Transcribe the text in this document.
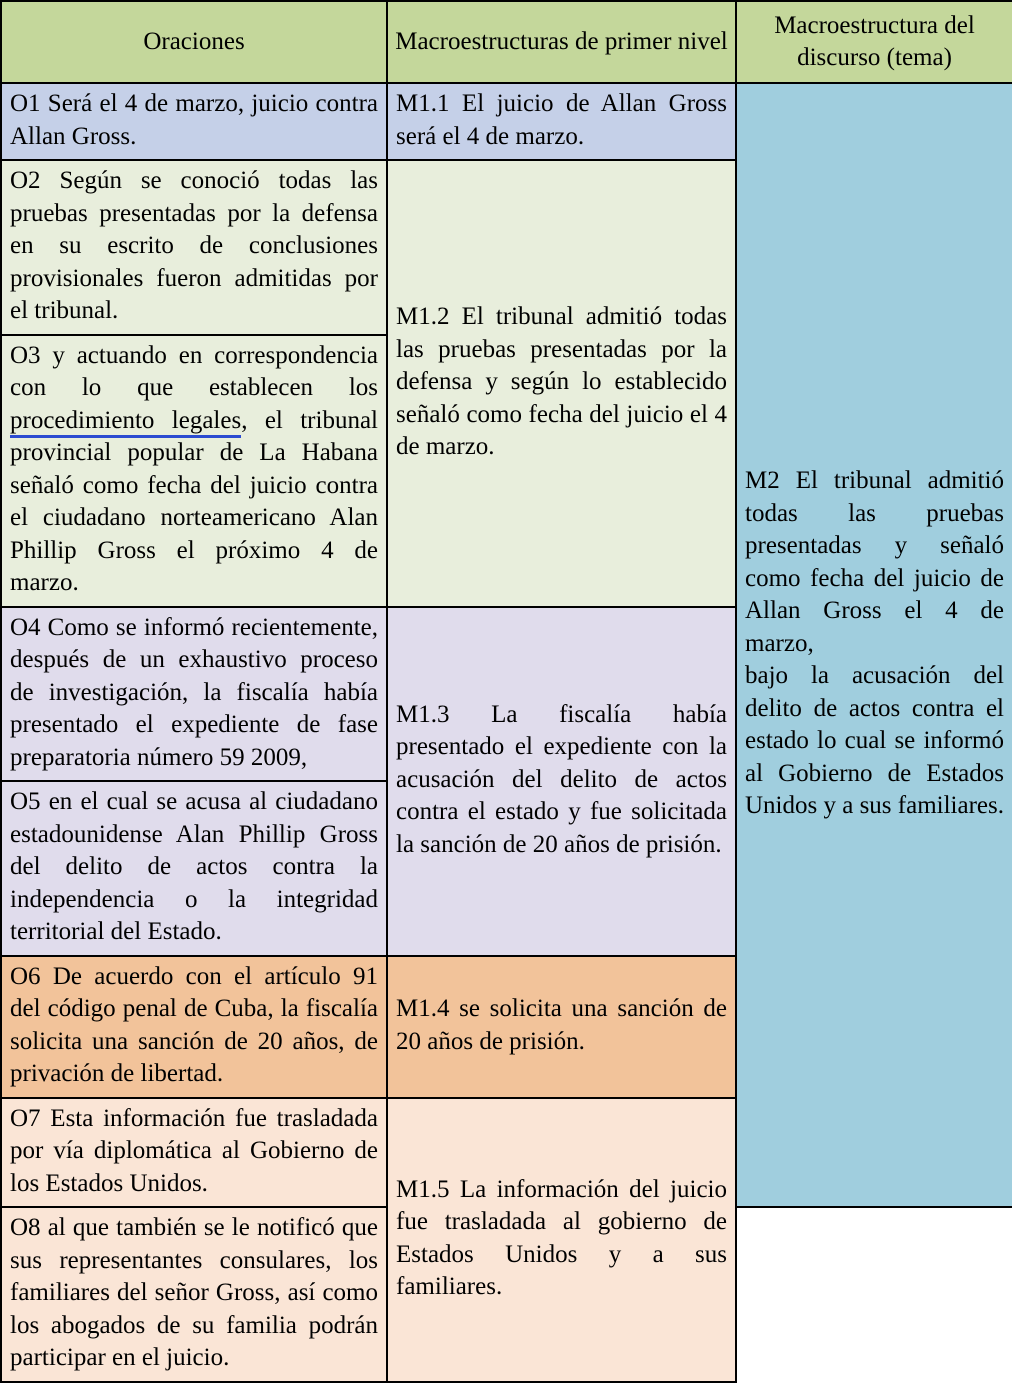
Oraciones	Macroestructuras de primer nivel	Macroestructura del discurso (tema)
O1 Será el 4 de marzo, juicio contra Allan Gross.	M1.1 El juicio de Allan Gross será el 4 de marzo.	M2 El tribunal admitió todas las pruebas presentadas y señaló como fecha del juicio de Allan Gross el 4 de marzo,
bajo la acusación del delito de actos contra el estado lo cual se informó al Gobierno de Estados Unidos y a sus familiares.

O2 Según se conoció todas las pruebas presentadas por la defensa en su escrito de conclusiones provisionales fueron admitidas por el tribunal.	M1.2 El tribunal admitió todas las pruebas presentadas por la defensa y según lo establecido señaló como fecha del juicio el 4 de marzo.	
O3 y actuando en correspondencia con lo que establecen los procedimiento legales, el tribunal provincial popular de La Habana señaló como fecha del juicio contra el ciudadano norteamericano Alan Phillip Gross el próximo 4 de marzo.		
O4 Como se informó recientemente, después de un exhaustivo proceso de investigación, la fiscalía había presentado el expediente de fase preparatoria número 59 2009,	M1.3 La fiscalía había presentado el expediente con la acusación del delito de actos contra el estado y fue solicitada la sanción de 20 años de prisión.	
O5 en el cual se acusa al ciudadano estadounidense Alan Phillip Gross del delito de actos contra la independencia o la integridad territorial del Estado.		
O6 De acuerdo con el artículo 91 del código penal de Cuba, la fiscalía solicita una sanción de 20 años, de privación de libertad.	M1.4 se solicita una sanción de 20 años de prisión.	
O7 Esta información fue trasladada por vía diplomática al Gobierno de los Estados Unidos.	M1.5 La información del juicio fue trasladada al gobierno de Estados Unidos y a sus familiares.	
O8 al que también se le notificó que sus representantes consulares, los familiares del señor Gross, así como los abogados de su familia podrán participar en el juicio.		
